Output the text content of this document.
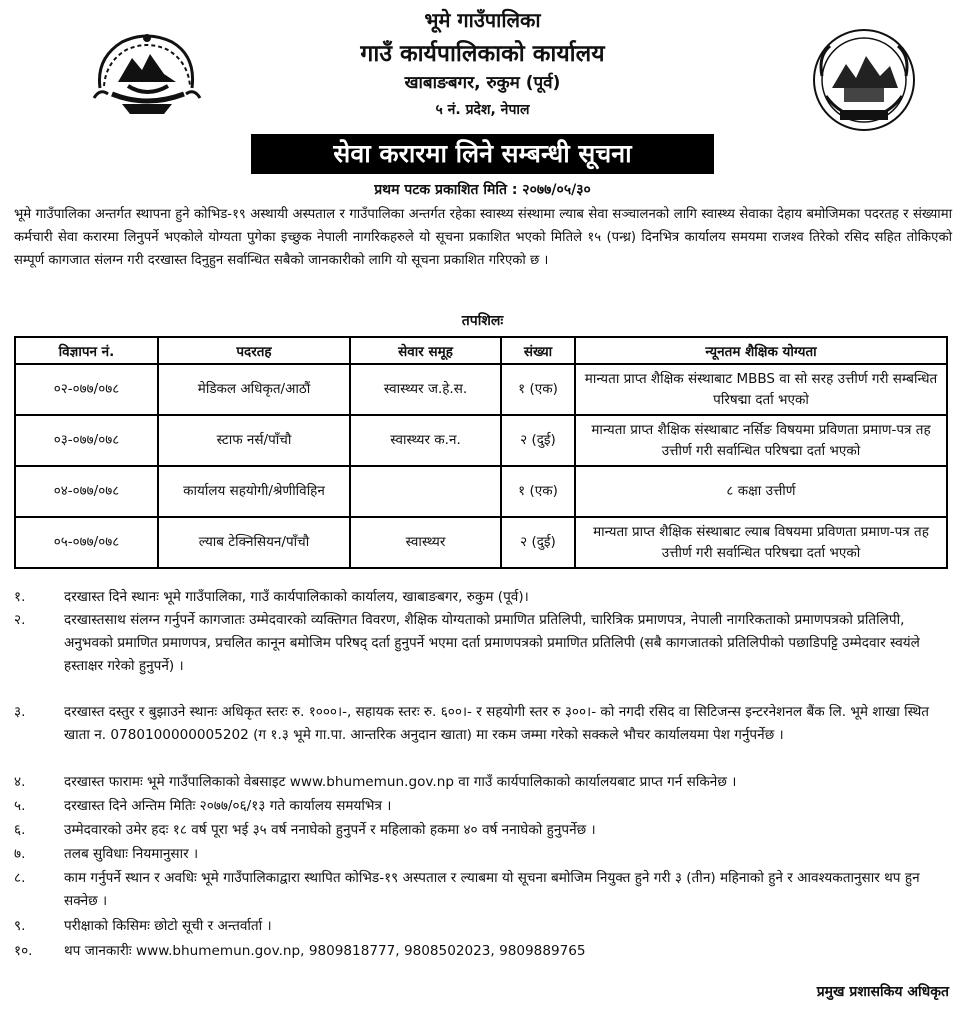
भूमे गाउँपालिका
गाउँ कार्यपालिकाको कार्यालय
खाबाङबगर, रुकुम (पूर्व)
५ नं. प्रदेश, नेपाल
सेवा करारमा लिने सम्बन्धी सूचना
प्रथम पटक प्रकाशित मिति : २०७७/०५/३०
भूमे गाउँपालिका अन्तर्गत स्थापना हुने कोभिड-१९ अस्थायी अस्पताल र गाउँपालिका अन्तर्गत रहेका स्वास्थ्य संस्थामा ल्याब सेवा सञ्चालनको लागि स्वास्थ्य सेवाका देहाय बमोजिमका पदरतह र संख्यामा कर्मचारी सेवा करारमा लिनुपर्ने भएकोले योग्यता पुगेका इच्छुक नेपाली नागरिकहरुले यो सूचना प्रकाशित भएको मितिले १५ (पन्ध्र) दिनभित्र कार्यालय समयमा राजश्व तिरेको रसिद सहित तोकिएको सम्पूर्ण कागजात संलग्न गरी दरखास्त दिनुहुन सर्वान्धित सबैको जानकारीको लागि यो सूचना प्रकाशित गरिएको छ ।
तपशिलः
विज्ञापन नं.	पदरतह	सेवार समूह	संख्या	न्यूनतम शैक्षिक योग्यता
०२-०७७/०७८	मेडिकल अधिकृत/आठौं	स्वास्थ्यर ज.हे.स.	१ (एक)	मान्यता प्राप्त शैक्षिक संस्थाबाट MBBS वा सो सरह उत्तीर्ण गरी सम्बन्धित परिषद्मा दर्ता भएको
०३-०७७/०७८	स्टाफ नर्स/पाँचौ	स्वास्थ्यर क.न.	२ (दुई)	मान्यता प्राप्त शैक्षिक संस्थाबाट नर्सिङ विषयमा प्रविणता प्रमाण-पत्र तह उत्तीर्ण गरी सर्वान्धित परिषद्मा दर्ता भएको
०४-०७७/०७८	कार्यालय सहयोगी/श्रेणीविहिन		१ (एक)	८ कक्षा उत्तीर्ण
०५-०७७/०७८	ल्याब टेक्निसियन/पाँचौ	स्वास्थ्यर	२ (दुई)	मान्यता प्राप्त शैक्षिक संस्थाबाट ल्याब विषयमा प्रविणता प्रमाण-पत्र तह उत्तीर्ण गरी सर्वान्धित परिषद्मा दर्ता भएको
१.	दरखास्त दिने स्थानः भूमे गाउँपालिका, गाउँ कार्यपालिकाको कार्यालय, खाबाङबगर, रुकुम (पूर्व)।
२.	दरखास्तसाथ संलग्न गर्नुपर्ने कागजातः उम्मेदवारको व्यक्तिगत विवरण, शैक्षिक योग्यताको प्रमाणित प्रतिलिपी, चारित्रिक प्रमाणपत्र, नेपाली नागरिकताको प्रमाणपत्रको प्रतिलिपी, अनुभवको प्रमाणित प्रमाणपत्र, प्रचलित कानून बमोजिम परिषद् दर्ता हुनुपर्ने भएमा दर्ता प्रमाणपत्रको प्रमाणित प्रतिलिपी (सबै कागजातको प्रतिलिपीको पछाडिपट्टि उम्मेदवार स्वयंले हस्ताक्षर गरेको हुनुपर्ने) ।
३.	दरखास्त दस्तुर र बुझाउने स्थानः अधिकृत स्तरः रु. १०००।-, सहायक स्तरः रु. ६००।- र सहयोगी स्तर रु ३००।- को नगदी रसिद वा सिटिजन्स इन्टरनेशनल बैंक लि. भूमे शाखा स्थित खाता न. 0780100000005202 (ग १.३ भूमे गा.पा. आन्तरिक अनुदान खाता) मा रकम जम्मा गरेको सक्कले भौचर कार्यालयमा पेश गर्नुपर्नेछ ।
४.	दरखास्त फारामः भूमे गाउँपालिकाको वेबसाइट www.bhumemun.gov.np वा गाउँ कार्यपालिकाको कार्यालयबाट प्राप्त गर्न सकिनेछ ।
५.	दरखास्त दिने अन्तिम मितिः २०७७/०६/१३ गते कार्यालय समयभित्र ।
६.	उम्मेदवारको उमेर हदः १८ वर्ष पूरा भई ३५ वर्ष ननाघेको हुनुपर्ने र महिलाको हकमा ४० वर्ष ननाघेको हुनुपर्नेछ ।
७.	तलब सुविधाः नियमानुसार ।
८.	काम गर्नुपर्ने स्थान र अवधिः भूमे गाउँपालिकाद्वारा स्थापित कोभिड-१९ अस्पताल र ल्याबमा यो सूचना बमोजिम नियुक्त हुने गरी ३ (तीन) महिनाको हुने र आवश्यकतानुसार थप हुन सक्नेछ ।
९.	परीक्षाको किसिमः छोटो सूची र अन्तर्वार्ता ।
१०. थप जानकारीः www.bhumemun.gov.np, 9809818777, 9808502023, 9809889765
प्रमुख प्रशासकिय अधिकृत
